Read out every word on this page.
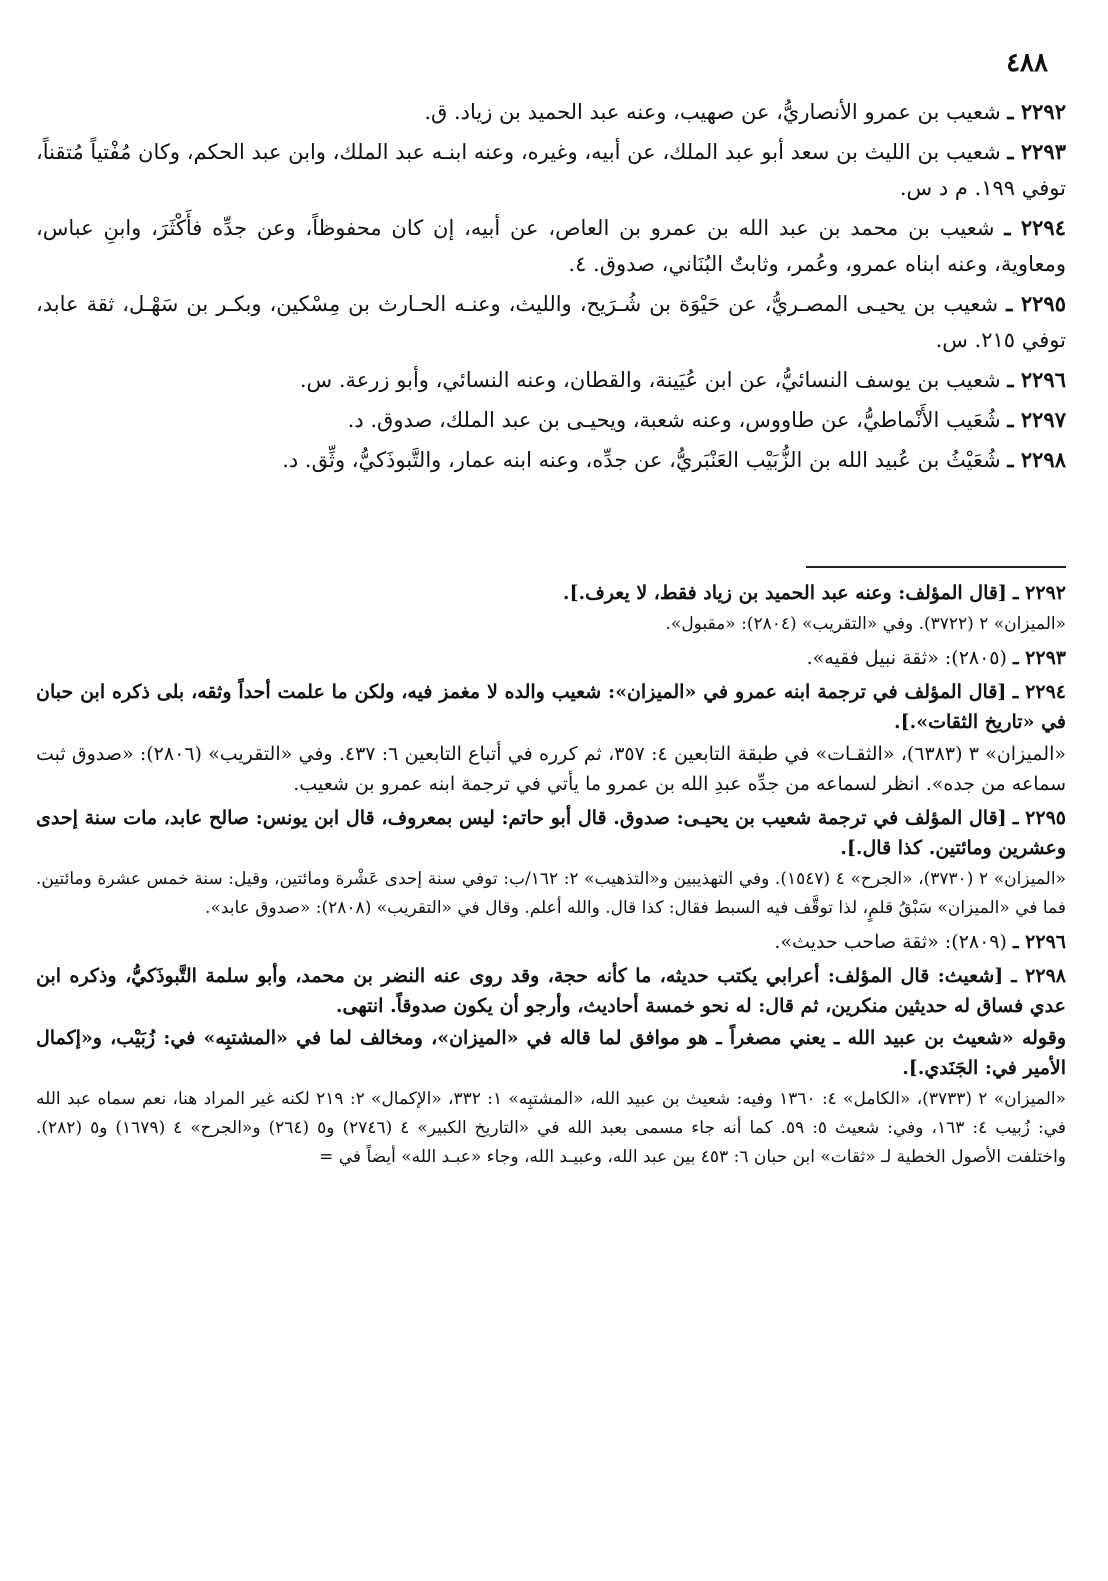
٤٨٨
٢٢٩٢ ـ شعيب بن عمرو الأنصاريُّ، عن صهيب، وعنه عبد الحميد بن زياد. ق.
٢٢٩٣ ـ شعيب بن الليث بن سعد أبو عبد الملك، عن أبيه، وغيره، وعنه ابنـه عبد الملك، وابن عبد الحكم، وكان مُفْتياً مُتقناً، توفي ١٩٩. م د س.
٢٢٩٤ ـ شعيب بن محمد بن عبد الله بن عمرو بن العاص، عن أبيه، إن كان محفوظاً، وعن جدِّه فأَكْثَرَ، وابنِ عباس، ومعاوية، وعنه ابناه عمرو، وعُمر، وثابتٌ البُنَاني، صدوق. ٤.
٢٢٩٥ ـ شعيب بن يحيـى المصـريُّ، عن حَيْوَة بن شُـرَيح، والليث، وعنـه الحـارث بن مِسْكين، وبكـر بن سَهْـل، ثقة عابد، توفي ٢١٥. س.
٢٢٩٦ ـ شعيب بن يوسف النسائيُّ، عن ابن عُيَينة، والقطان، وعنه النسائي، وأبو زرعة. س.
٢٢٩٧ ـ شُعَيب الأَنْماطيُّ، عن طاووس، وعنه شعبة، ويحيـى بن عبد الملك، صدوق. د.
٢٢٩٨ ـ شُعَيْثُ بن عُبيد الله بن الزُّبَيْب العَنْبَريُّ، عن جدِّه، وعنه ابنه عمار، والتَّبوذَكيُّ، وثِّق. د.

٢٢٩٢ ـ [قال المؤلف: وعنه عبد الحميد بن زياد فقط، لا يعرف.].

«الميزان» ٢ (٣٧٢٢). وفي «التقريب» (٢٨٠٤): «مقبول».

٢٢٩٣ ـ (٢٨٠٥): «ثقة نبيل فقيه».

٢٢٩٤ ـ [قال المؤلف في ترجمة ابنه عمرو في «الميزان»: شعيب والده لا مغمز فيه، ولكن ما علمت أحداً وثقه، بلى ذكره ابن حبان في «تاريخ الثقات».].

«الميزان» ٣ (٦٣٨٣)، «الثقـات» في طبقة التابعين ٤: ٣٥٧، ثم كرره في أتباع التابعين ٦: ٤٣٧. وفي «التقريب» (٢٨٠٦): «صدوق ثبت سماعه من جده». انظر لسماعه من جدِّه عبدِ الله بن عمرو ما يأتي في ترجمة ابنه عمرو بن شعيب.

٢٢٩٥ ـ [قال المؤلف في ترجمة شعيب بن يحيـى: صدوق. قال أبو حاتم: ليس بمعروف، قال ابن يونس: صالح عابد، مات سنة إحدى وعشرين ومائتين. كذا قال.].

«الميزان» ٢ (٣٧٣٠)، «الجرح» ٤ (١٥٤٧). وفي التهذيبين و«التذهيب» ٢: ١٦٢/ب: توفي سنة إحدى عَشْرة ومائتين، وقيل: سنة خمس عشرة ومائتين. فما في «الميزان» سَبْقُ قلمٍ، لذا توقَّف فيه السبط فقال: كذا قال. والله أعلم. وقال في «التقريب» (٢٨٠٨): «صدوق عابد».

٢٢٩٦ ـ (٢٨٠٩): «ثقة صاحب حديث».

٢٢٩٨ ـ [شعيث: قال المؤلف: أعرابي يكتب حديثه، ما كأنه حجة، وقد روى عنه النضر بن محمد، وأبو سلمة التَّبوذَكيُّ، وذكره ابن عدي فساق له حديثين منكرين، ثم قال: له نحو خمسة أحاديث، وأرجو أن يكون صدوقاً. انتهى.

وقوله «شعيث بن عبيد الله ـ يعني مصغراً ـ هو موافق لما قاله في «الميزان»، ومخالف لما في «المشتبِه» في: زُبَيْب، و«إكمال الأمير في: الجَنَدي.].

«الميزان» ٢ (٣٧٣٣)، «الكامل» ٤: ١٣٦٠ وفيه: شعيث بن عبيد الله، «المشتبِه» ١: ٣٣٢، «الإكمال» ٢: ٢١٩ لكنه غير المراد هنا، نعم سماه عبد الله في: زُبيب ٤: ١٦٣، وفي: شعيث ٥: ٥٩. كما أنه جاء مسمى بعبد الله في «التاريخ الكبير» ٤ (٢٧٤٦) و٥ (٢٦٤) و«الجرح» ٤ (١٦٧٩) و٥ (٢٨٢). واختلفت الأصول الخطية لـ «ثقات» ابن حبان ٦: ٤٥٣ بين عبد الله، وعبيـد الله، وجاء «عبـد الله» أيضاً في =
